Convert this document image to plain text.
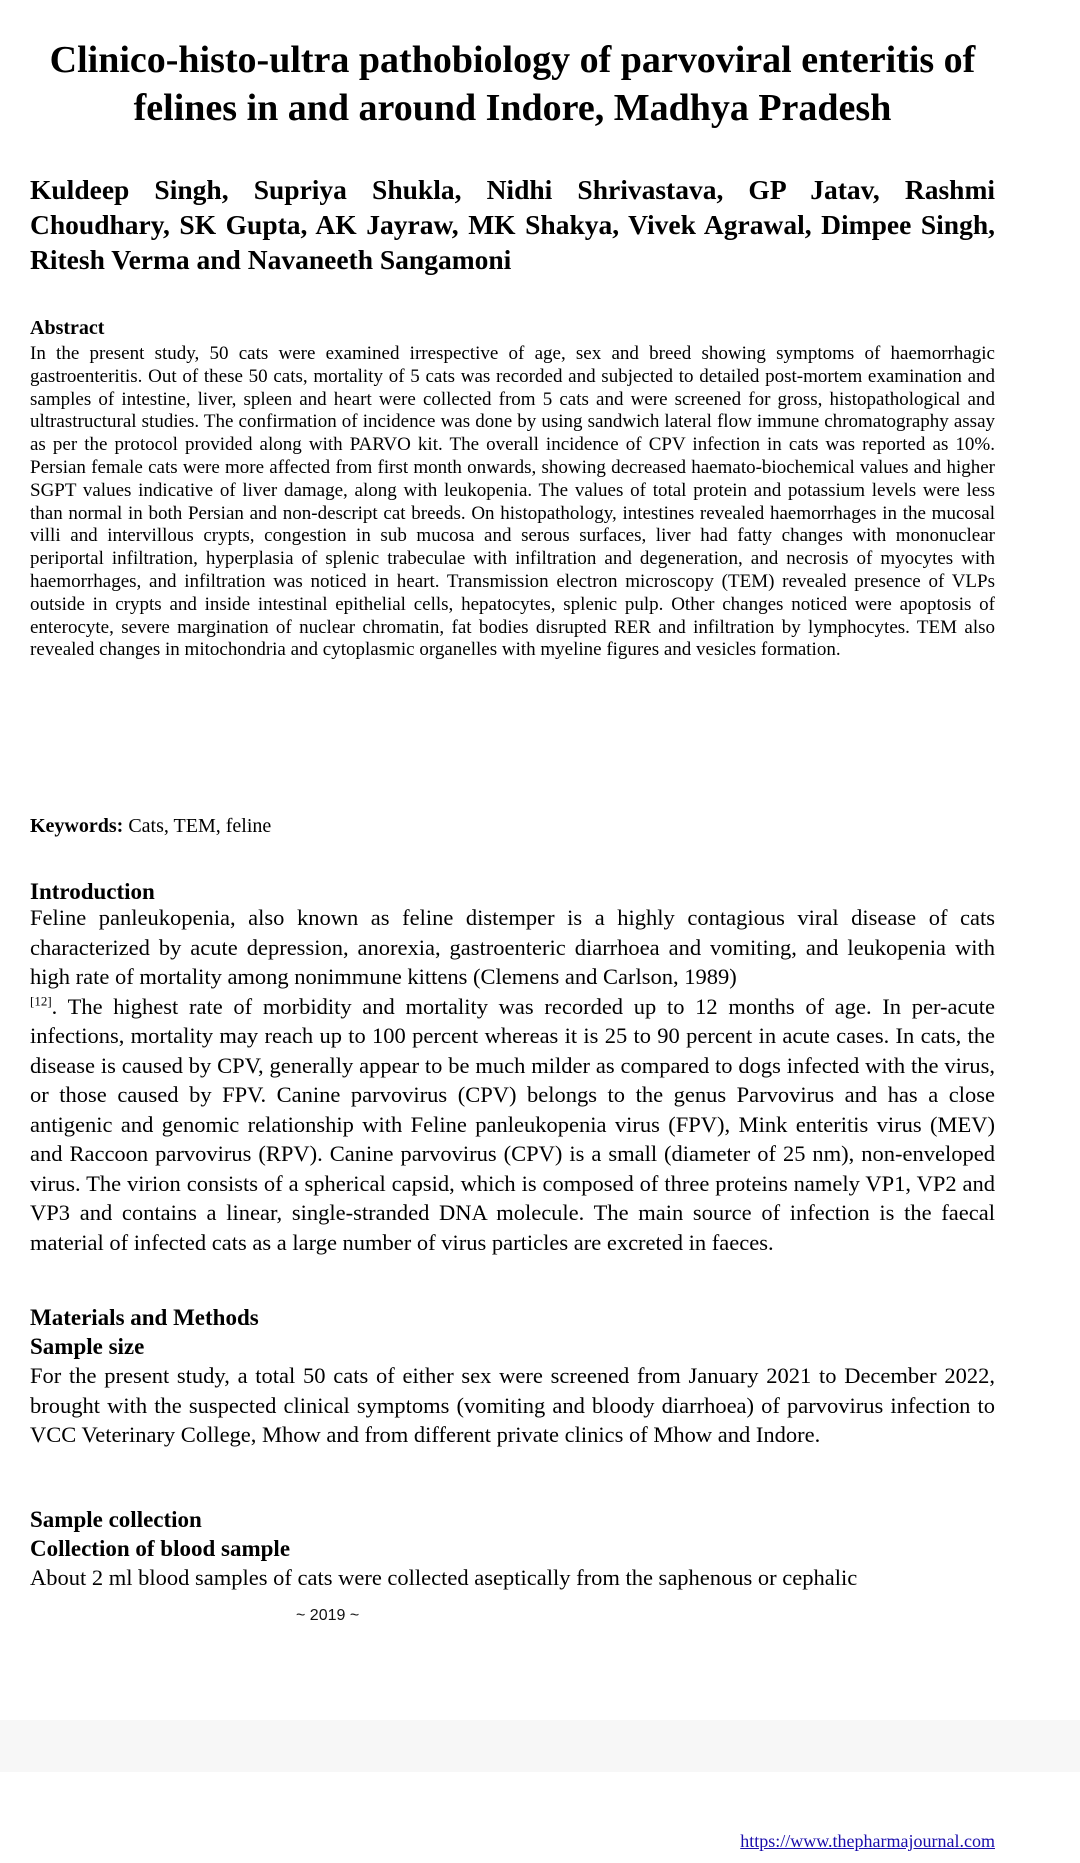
Clinico-histo-ultra pathobiology of parvoviral enteritis of felines in and around Indore, Madhya Pradesh

Kuldeep Singh, Supriya Shukla, Nidhi Shrivastava, GP Jatav, Rashmi Choudhary, SK Gupta, AK Jayraw, MK Shakya, Vivek Agrawal, Dimpee Singh, Ritesh Verma and Navaneeth Sangamoni

Abstract

In the present study, 50 cats were examined irrespective of age, sex and breed showing symptoms of haemorrhagic gastroenteritis. Out of these 50 cats, mortality of 5 cats was recorded and subjected to detailed post-mortem examination and samples of intestine, liver, spleen and heart were collected from 5 cats and were screened for gross, histopathological and ultrastructural studies. The confirmation of incidence was done by using sandwich lateral flow immune chromatography assay as per the protocol provided along with PARVO kit. The overall incidence of CPV infection in cats was reported as 10%. Persian female cats were more affected from first month onwards, showing decreased haemato-biochemical values and higher SGPT values indicative of liver damage, along with leukopenia. The values of total protein and potassium levels were less than normal in both Persian and non-descript cat breeds. On histopathology, intestines revealed haemorrhages in the mucosal villi and intervillous crypts, congestion in sub mucosa and serous surfaces, liver had fatty changes with mononuclear periportal infiltration, hyperplasia of splenic trabeculae with infiltration and degeneration, and necrosis of myocytes with haemorrhages, and infiltration was noticed in heart. Transmission electron microscopy (TEM) revealed presence of VLPs outside in crypts and inside intestinal epithelial cells, hepatocytes, splenic pulp. Other changes noticed were apoptosis of enterocyte, severe margination of nuclear chromatin, fat bodies disrupted RER and infiltration by lymphocytes. TEM also revealed changes in mitochondria and cytoplasmic organelles with myeline figures and vesicles formation.

Keywords: Cats, TEM, feline

Introduction

Feline panleukopenia, also known as feline distemper is a highly contagious viral disease of cats characterized by acute depression, anorexia, gastroenteric diarrhoea and vomiting, and leukopenia with high rate of mortality among nonimmune kittens (Clemens and Carlson, 1989)
[12]. The highest rate of morbidity and mortality was recorded up to 12 months of age. In per-acute infections, mortality may reach up to 100 percent whereas it is 25 to 90 percent in acute cases. In cats, the disease is caused by CPV, generally appear to be much milder as compared to dogs infected with the virus, or those caused by FPV. Canine parvovirus (CPV) belongs to the genus Parvovirus and has a close antigenic and genomic relationship with Feline panleukopenia virus (FPV), Mink enteritis virus (MEV) and Raccoon parvovirus (RPV). Canine parvovirus (CPV) is a small (diameter of 25 nm), non-enveloped virus. The virion consists of a spherical capsid, which is composed of three proteins namely VP1, VP2 and VP3 and contains a linear, single-stranded DNA molecule. The main source of infection is the faecal material of infected cats as a large number of virus particles are excreted in faeces.

Materials and Methods

Sample size

For the present study, a total 50 cats of either sex were screened from January 2021 to December 2022, brought with the suspected clinical symptoms (vomiting and bloody diarrhoea) of parvovirus infection to VCC Veterinary College, Mhow and from different private clinics of Mhow and Indore.

Sample collection

Collection of blood sample

About 2 ml blood samples of cats were collected aseptically from the saphenous or cephalic

~ 2019 ~

https://www.thepharmajournal.com
